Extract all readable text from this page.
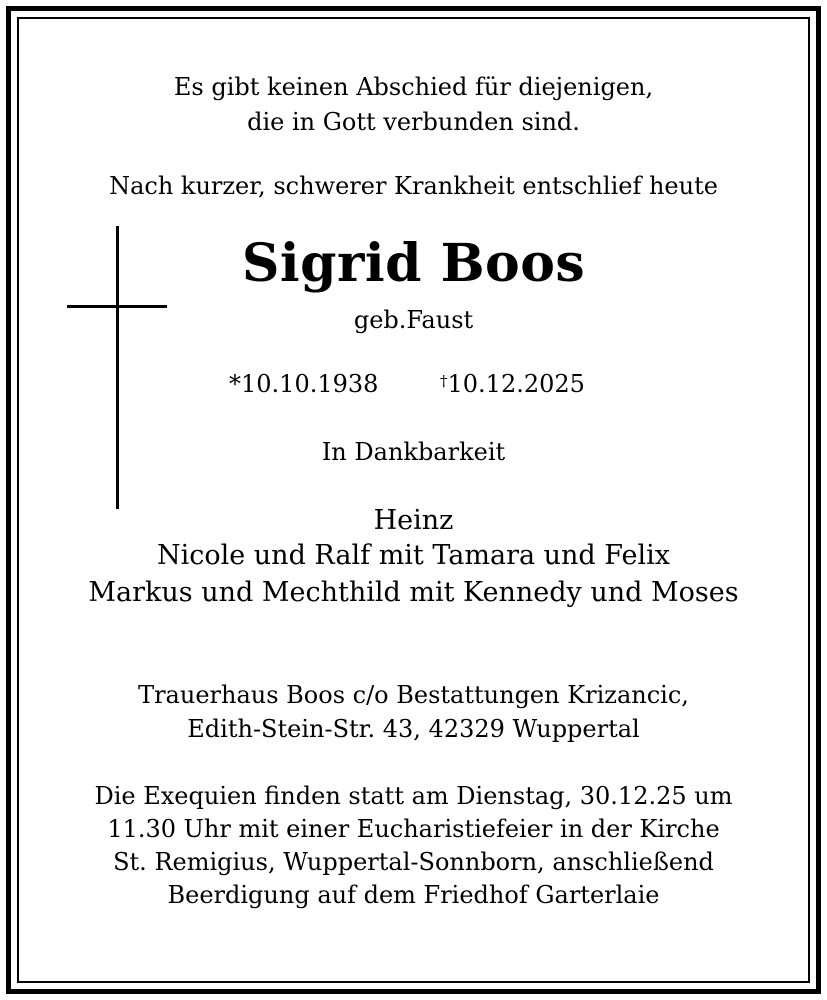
Es gibt keinen Abschied für diejenigen,
die in Gott verbunden sind.
Nach kurzer, schwerer Krankheit entschlief heute
Sigrid Boos
geb.Faust
*10.10.1938	†10.12.2025
In Dankbarkeit
Heinz
Nicole und Ralf mit Tamara und Felix
Markus und Mechthild mit Kennedy und Moses
Trauerhaus Boos c/o Bestattungen Krizancic,
Edith-Stein-Str. 43, 42329 Wuppertal
Die Exequien finden statt am Dienstag, 30.12.25 um
11.30 Uhr mit einer Eucharistiefeier in der Kirche
St. Remigius, Wuppertal-Sonnborn, anschließend
Beerdigung auf dem Friedhof Garterlaie
